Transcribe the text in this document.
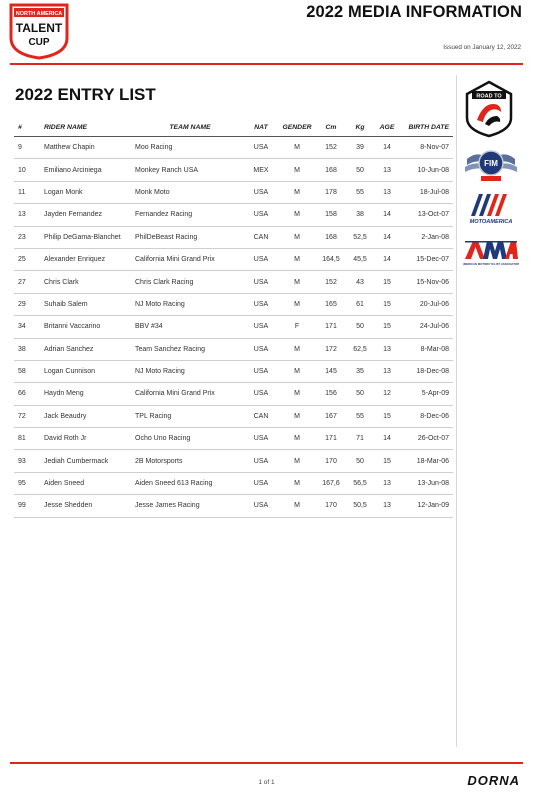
NORTH AMERICA
TALENT
CUP
2022 MEDIA INFORMATION
Issued on January 12, 2022
2022 ENTRY LIST
#	RIDER NAME	TEAM NAME	NAT	GENDER	Cm	Kg	AGE	BIRTH DATE
9	Matthew Chapin	Moo Racing	USA	M	152	39	14	8-Nov-07
10	Emiliano Arciniega	Monkey Ranch USA	MEX	M	168	50	13	10-Jun-08
11	Logan Monk	Monk Moto	USA	M	178	55	13	18-Jul-08
13	Jayden Fernandez	Fernandez Racing	USA	M	158	38	14	13-Oct-07
23	Philip DeGama-Blanchet	PhilDeBeast Racing	CAN	M	168	52,5	14	2-Jan-08
25	Alexander Enriquez	California Mini Grand Prix	USA	M	164,5	45,5	14	15-Dec-07
27	Chris Clark	Chris Clark Racing	USA	M	152	43	15	15-Nov-06
29	Suhaib Salem	NJ Moto Racing	USA	M	165	61	15	20-Jul-06
34	Britanni Vaccarino	BBV #34	USA	F	171	50	15	24-Jul-06
38	Adrian Sanchez	Team Sanchez Racing	USA	M	172	62,5	13	8-Mar-08
58	Logan Cunnison	NJ Moto Racing	USA	M	145	35	13	18-Dec-08
66	Haydn Meng	California Mini Grand Prix	USA	M	156	50	12	5-Apr-09
72	Jack Beaudry	TPL Racing	CAN	M	167	55	15	8-Dec-06
81	David Roth Jr	Ocho Uno Racing	USA	M	171	71	14	26-Oct-07
93	Jediah Cumbermack	2B Motorsports	USA	M	170	50	15	18-Mar-06
95	Aiden Sneed	Aiden Sneed 613 Racing	USA	M	167,6	56,5	13	13-Jun-08
99	Jesse Shedden	Jesse James Racing	USA	M	170	50,5	13	12-Jan-09
ROAD TO
FIM
MOTOAMERICA
AMERICAN MOTORCYCLIST ASSOCIATION
1 of 1	DORNA
